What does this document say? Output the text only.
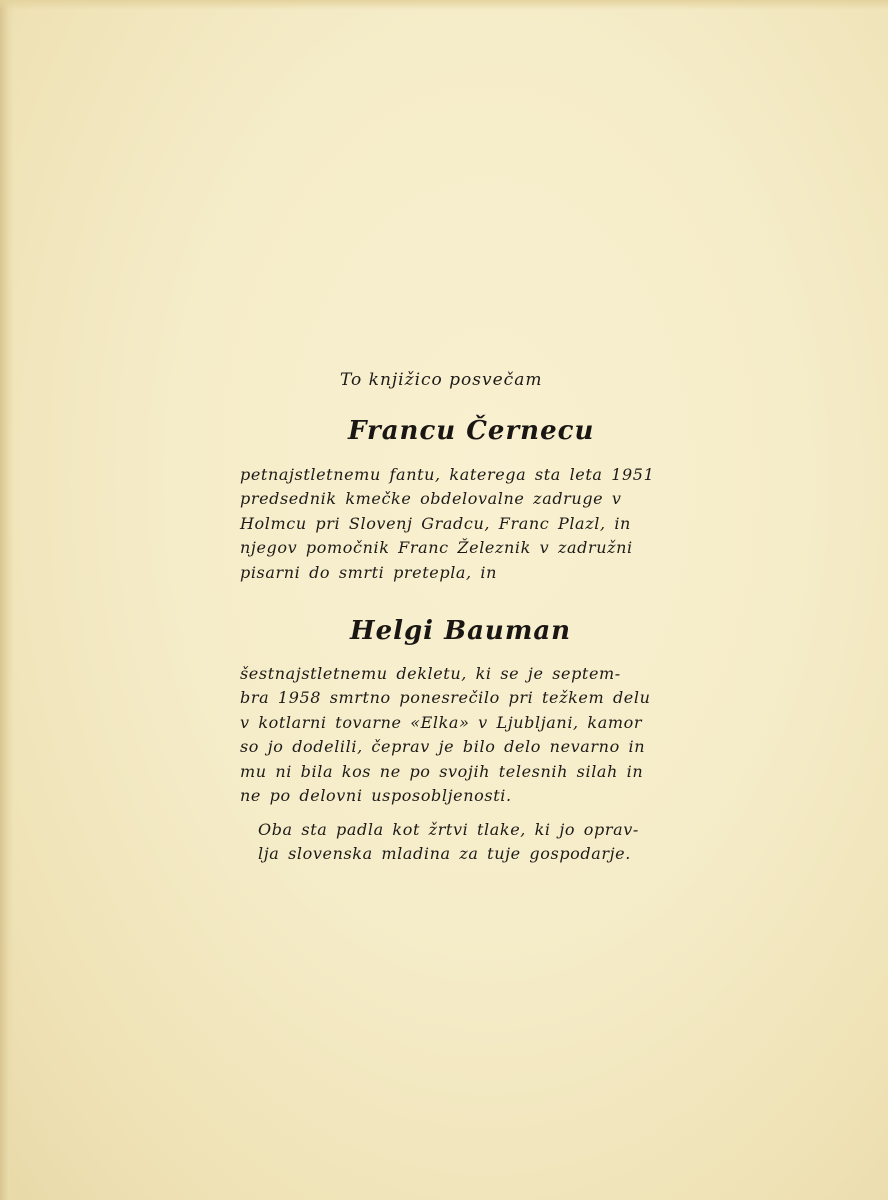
To knjižico posvečam
Francu Černecu
petnajstletnemu fantu, katerega sta leta 1951
predsednik kmečke obdelovalne zadruge v
Holmcu pri Slovenj Gradcu, Franc Plazl, in
njegov pomočnik Franc Železnik v zadružni
pisarni do smrti pretepla, in
Helgi Bauman
šestnajstletnemu dekletu, ki se je septem-
bra 1958 smrtno ponesrečilo pri težkem delu
v kotlarni tovarne «Elka» v Ljubljani, kamor
so jo dodelili, čeprav je bilo delo nevarno in
mu ni bila kos ne po svojih telesnih silah in
ne po delovni usposobljenosti.
Oba sta padla kot žrtvi tlake, ki jo oprav-
lja slovenska mladina za tuje gospodarje.
